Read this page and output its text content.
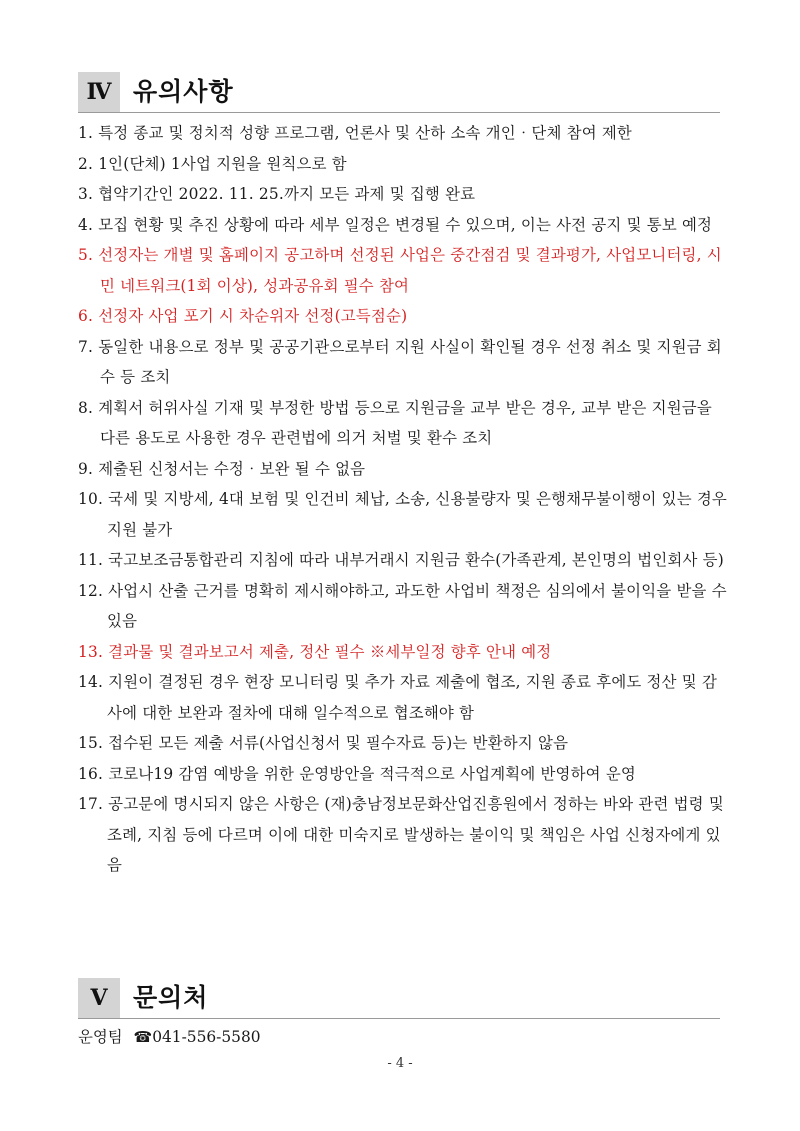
Ⅳ 유의사항
1. 특정 종교 및 정치적 성향 프로그램, 언론사 및 산하 소속 개인‧단체 참여 제한
2. 1인(단체) 1사업 지원을 원칙으로 함
3. 협약기간인 2022. 11. 25.까지 모든 과제 및 집행 완료
4. 모집 현황 및 추진 상황에 따라 세부 일정은 변경될 수 있으며, 이는 사전 공지 및 통보 예정
5. 선정자는 개별 및 홈페이지 공고하며 선정된 사업은 중간점검 및 결과평가, 사업모니터링, 시민 네트워크(1회 이상), 성과공유회 필수 참여
6. 선정자 사업 포기 시 차순위자 선정(고득점순)
7. 동일한 내용으로 정부 및 공공기관으로부터 지원 사실이 확인될 경우 선정 취소 및 지원금 회수 등 조치
8. 계획서 허위사실 기재 및 부정한 방법 등으로 지원금을 교부 받은 경우, 교부 받은 지원금을 다른 용도로 사용한 경우 관련법에 의거 처벌 및 환수 조치
9. 제출된 신청서는 수정‧보완 될 수 없음
10. 국세 및 지방세, 4대 보험 및 인건비 체납, 소송, 신용불량자 및 은행채무불이행이 있는 경우 지원 불가
11. 국고보조금통합관리 지침에 따라 내부거래시 지원금 환수(가족관계, 본인명의 법인회사 등)
12. 사업시 산출 근거를 명확히 제시해야하고, 과도한 사업비 책정은 심의에서 불이익을 받을 수 있음
13. 결과물 및 결과보고서 제출, 정산 필수 ※세부일정 향후 안내 예정
14. 지원이 결정된 경우 현장 모니터링 및 추가 자료 제출에 협조, 지원 종료 후에도 정산 및 감사에 대한 보완과 절차에 대해 일수적으로 협조해야 함
15. 접수된 모든 제출 서류(사업신청서 및 필수자료 등)는 반환하지 않음
16. 코로나19 감염 예방을 위한 운영방안을 적극적으로 사업계획에 반영하여 운영
17. 공고문에 명시되지 않은 사항은 (재)충남정보문화산업진흥원에서 정하는 바와 관련 법령 및 조례, 지침 등에 다르며 이에 대한 미숙지로 발생하는 불이익 및 책임은 사업 신청자에게 있음
Ⅴ	문의처
운영팀 ☎041-556-5580
- 4 -
